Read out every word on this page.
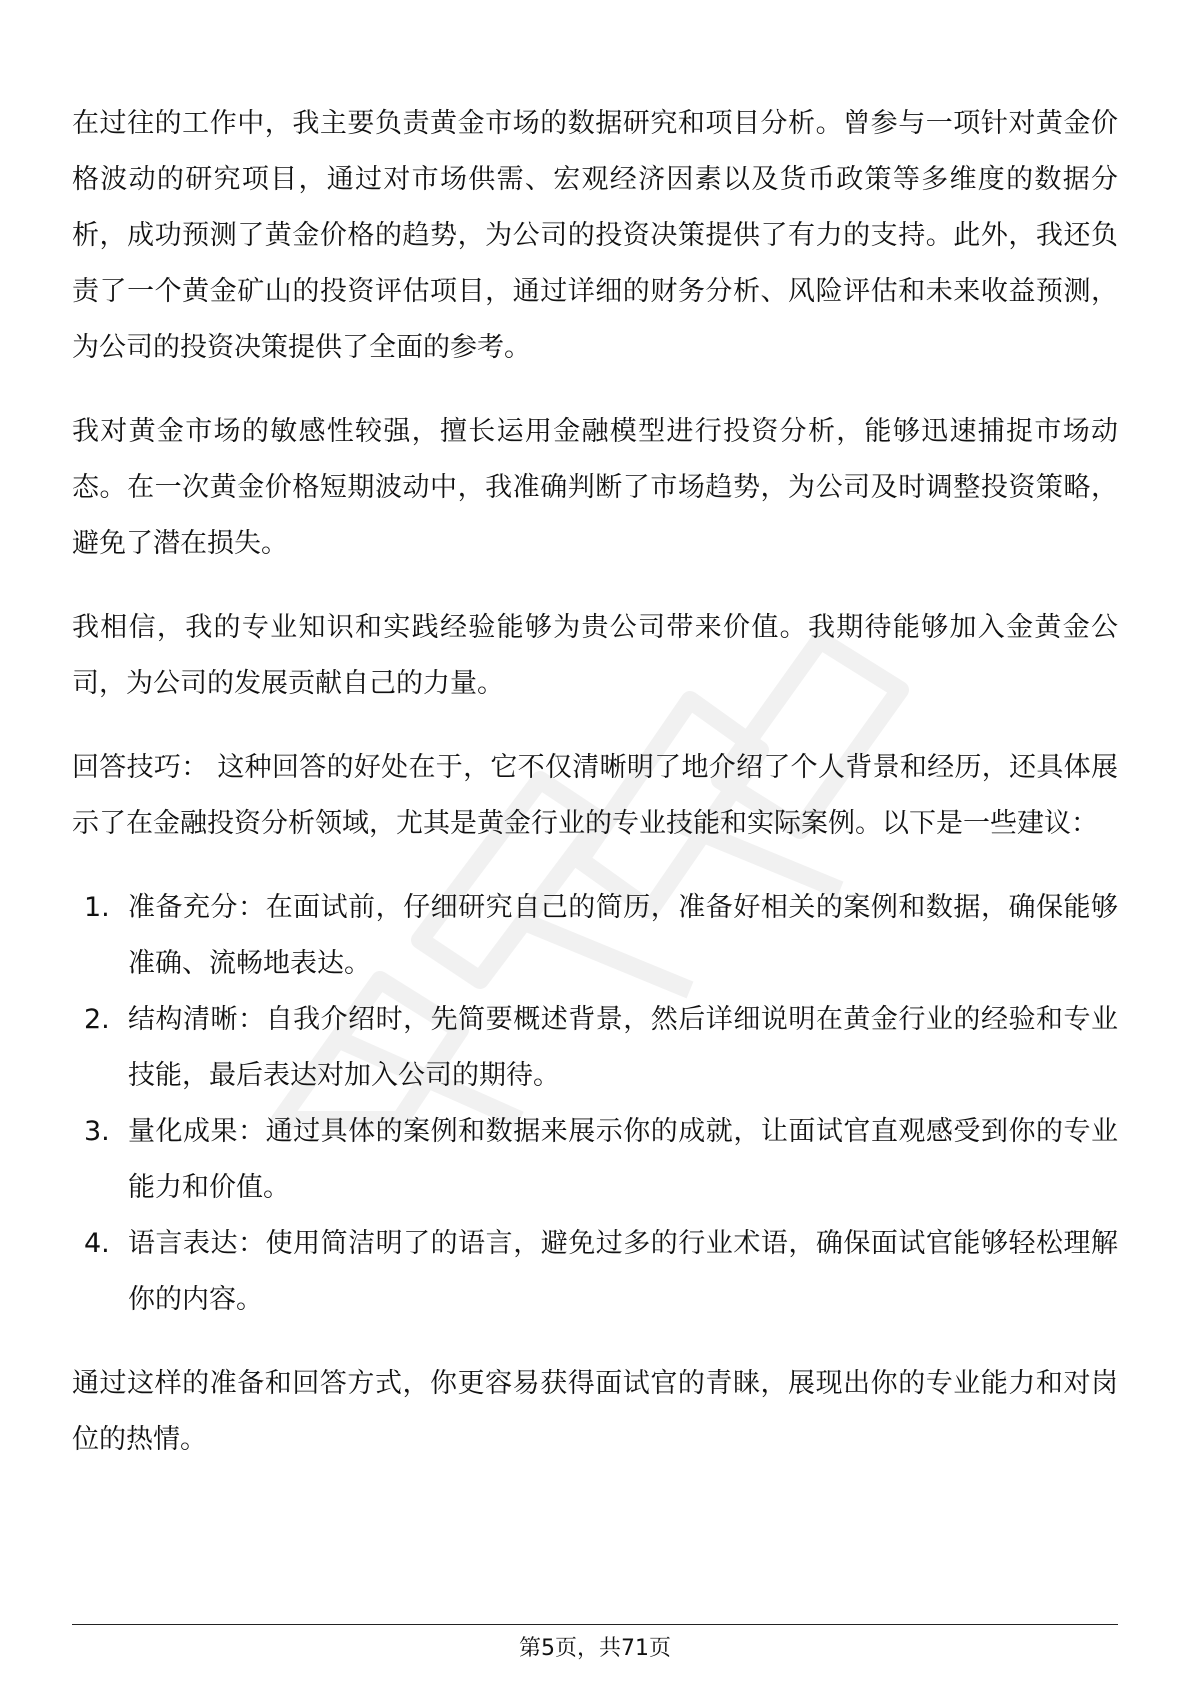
在过往的工作中，我主要负责黄金市场的数据研究和项目分析。曾参与一项针对黄金价格波动的研究项目，通过对市场供需、宏观经济因素以及货币政策等多维度的数据分析，成功预测了黄金价格的趋势，为公司的投资决策提供了有力的支持。此外，我还负责了一个黄金矿山的投资评估项目，通过详细的财务分析、风险评估和未来收益预测，为公司的投资决策提供了全面的参考。

我对黄金市场的敏感性较强，擅长运用金融模型进行投资分析，能够迅速捕捉市场动态。在一次黄金价格短期波动中，我准确判断了市场趋势，为公司及时调整投资策略，避免了潜在损失。

我相信，我的专业知识和实践经验能够为贵公司带来价值。我期待能够加入金黄金公司，为公司的发展贡献自己的力量。

回答技巧： 这种回答的好处在于，它不仅清晰明了地介绍了个人背景和经历，还具体展示了在金融投资分析领域，尤其是黄金行业的专业技能和实际案例。以下是一些建议：

1. 准备充分：在面试前，仔细研究自己的简历，准备好相关的案例和数据，确保能够准确、流畅地表达。
2. 结构清晰：自我介绍时，先简要概述背景，然后详细说明在黄金行业的经验和专业技能，最后表达对加入公司的期待。
3. 量化成果：通过具体的案例和数据来展示你的成就，让面试官直观感受到你的专业能力和价值。
4. 语言表达：使用简洁明了的语言，避免过多的行业术语，确保面试官能够轻松理解你的内容。

通过这样的准备和回答方式，你更容易获得面试官的青睐，展现出你的专业能力和对岗位的热情。

第5页，共71页
